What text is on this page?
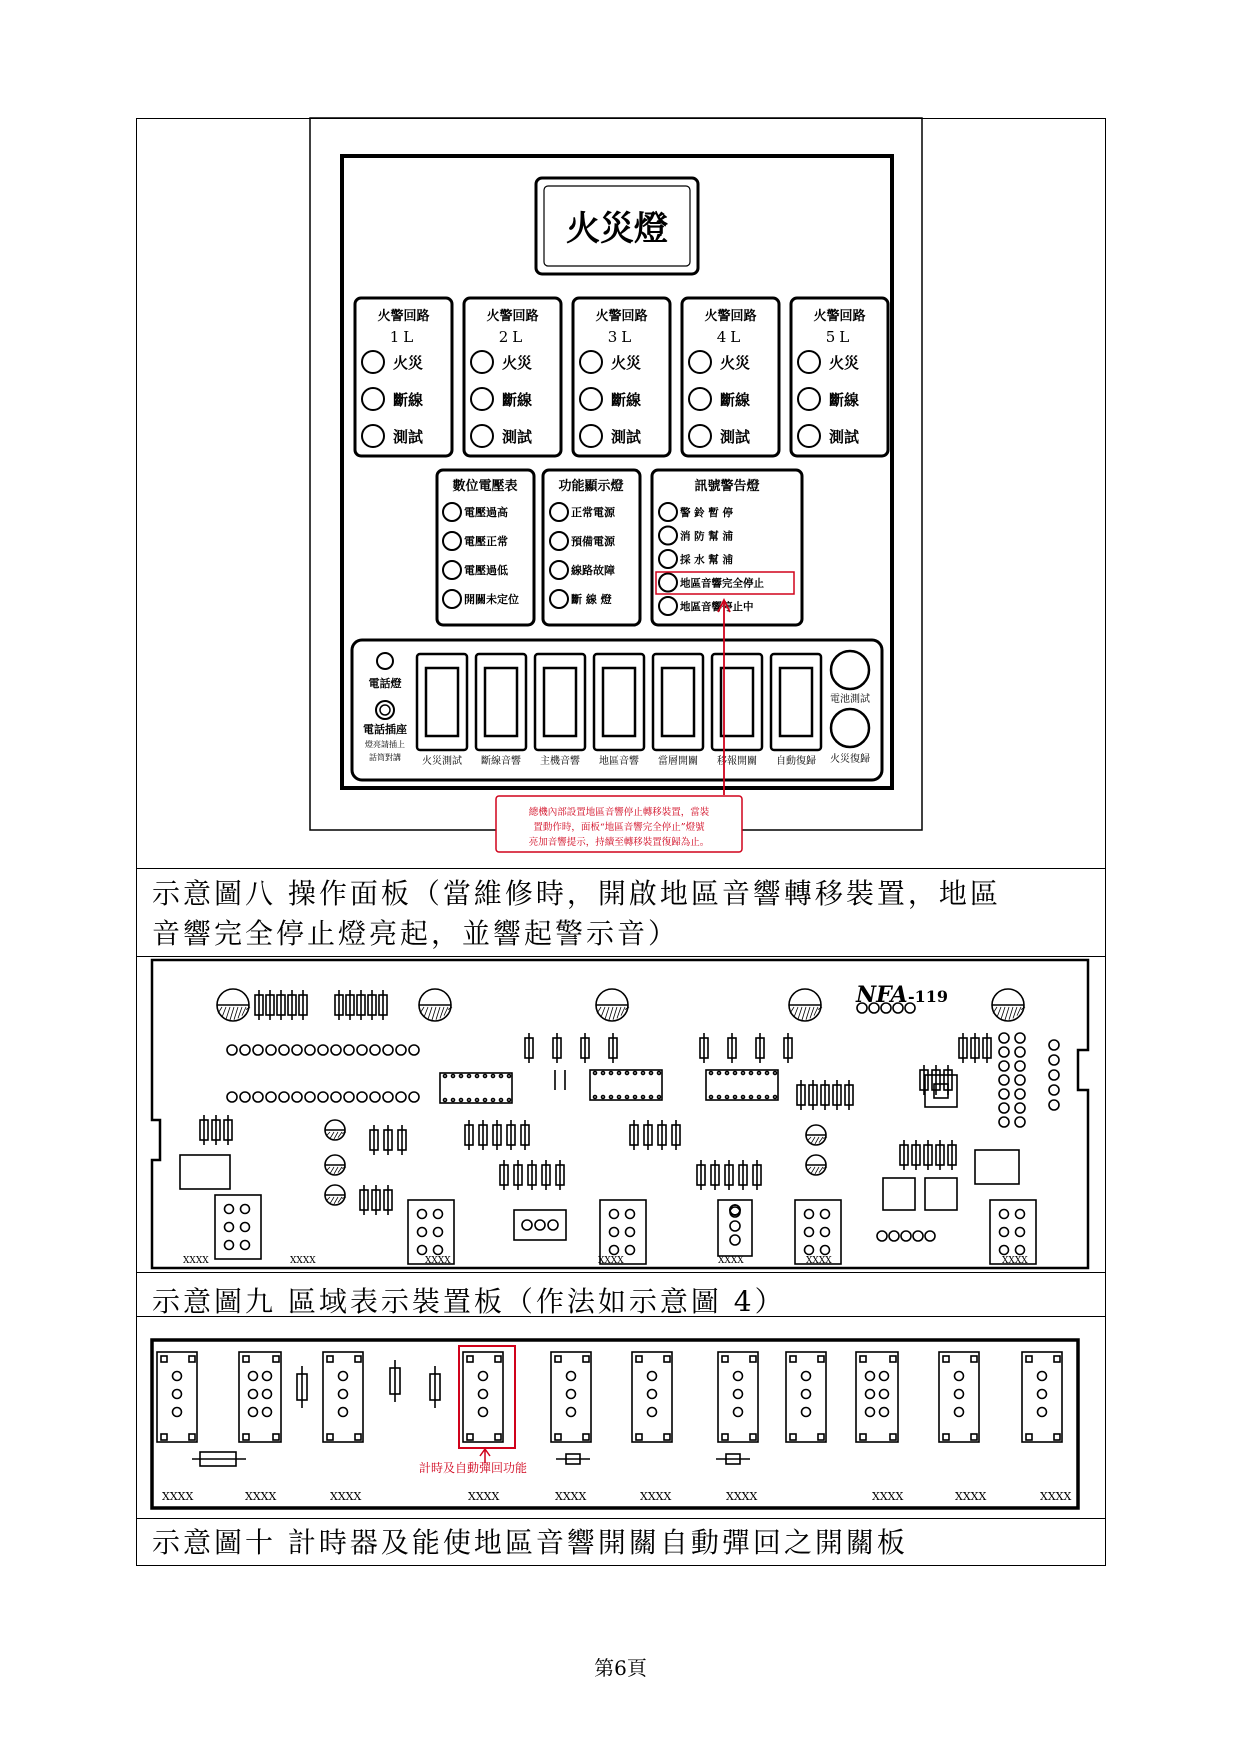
火災燈
火警回路
1L
火災
斷線
測試
火警回路
2L
火災
斷線
測試
火警回路
3L
火災
斷線
測試
火警回路
4L
火災
斷線
測試
火警回路
5L
火災
斷線
測試
數位電壓表
電壓過高
電壓正常
電壓過低
開關未定位
功能顯示燈
正常電源
預備電源
線路故障
斷 線 燈
訊號警告燈
警 鈴 暫 停
消 防 幫 浦
採 水 幫 浦
地區音響完全停止
地區音響停止中
電話燈
電話插座
燈亮請插上
話筒對講 火災測試 斷線音響 主機音響 地區音響 當層開關 移報開關 自動復歸
電池測試
火災復歸
總機內部設置地區音響停止轉移裝置，當裝
置動作時，面板“地區音響完全停止”燈號
亮加音響提示，持續至轉移裝置復歸為止。
示意圖八 操作面板（當維修時，開啟地區音響轉移裝置，地區
音響完全停止燈亮起，並響起警示音）
NFA -119
XXXX	XXXX	XXXX	XXXX	XXXX	XXXX	XXXX
示意圖九 區域表示裝置板（作法如示意圖 4）
計時及自動彈回功能
XXXX	XXXX	XXXX	XXXX	XXXX	XXXX	XXXX	XXXX	XXXX	XXXX
示意圖十 計時器及能使地區音響開關自動彈回之開關板
第6頁
